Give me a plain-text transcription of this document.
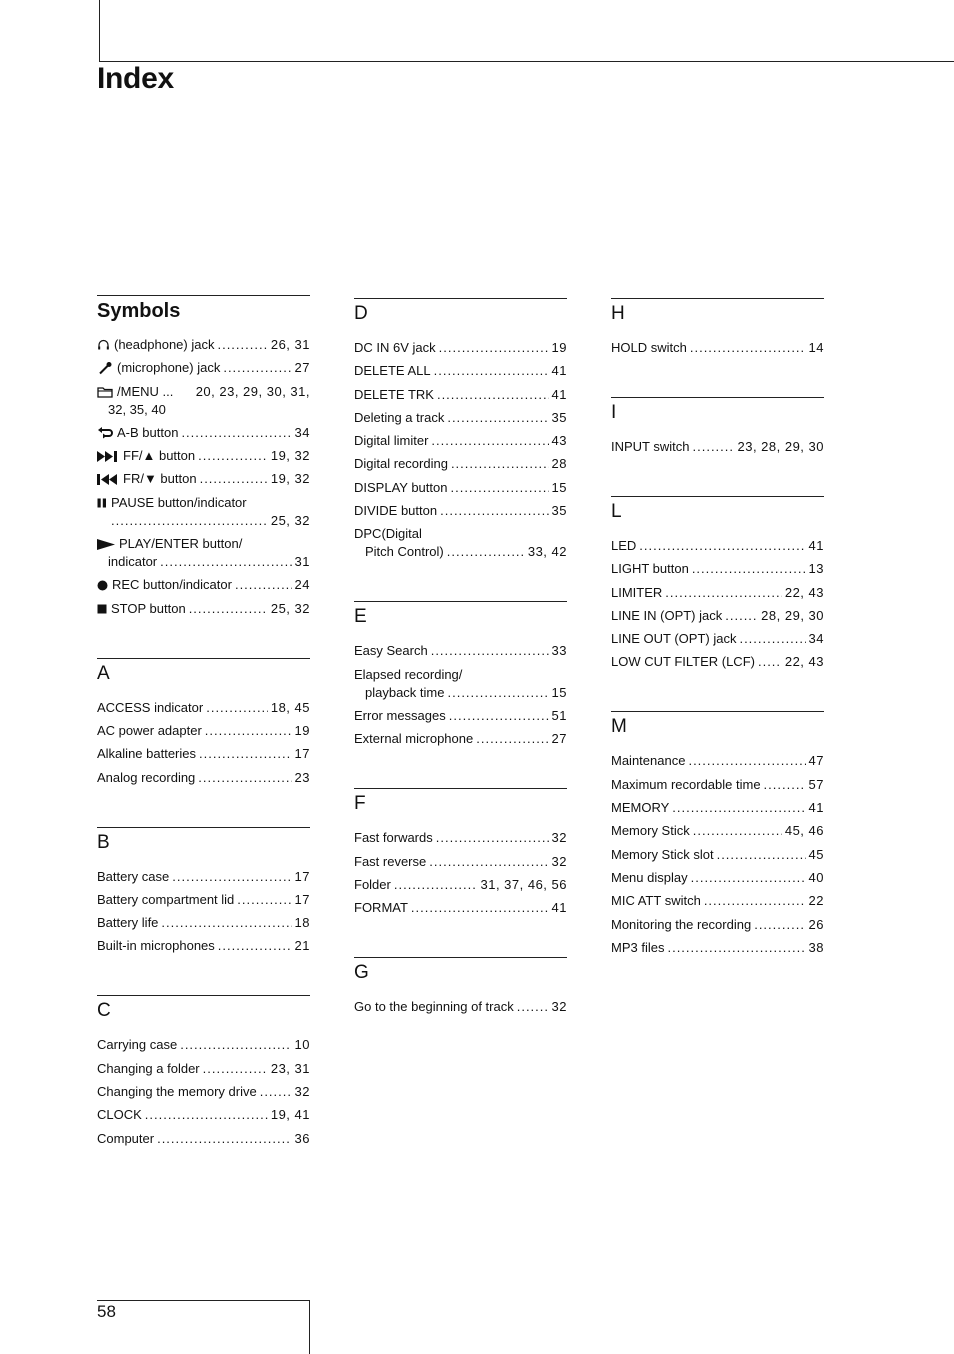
Index
Symbols
(headphone) jack .....	26, 31
(microphone) jack .....	27
/MENU ... 20, 23, 29, 30, 31,
32, 35, 40
A-B button .....	34
FF/▲ button .....	19, 32
FR/▼ button .....	19, 32
PAUSE button/indicator
.....
25, 32
PLAY/ENTER button/
indicator .....	31
REC button/indicator .....	24
STOP button .....	25, 32
A
ACCESS indicator .....	18, 45
AC power adapter .....	19
Alkaline batteries .....	17
Analog recording .....	23
B
Battery case .....	17
Battery compartment lid .....	17
Battery life .....	18
Built-in microphones .....	21
C
Carrying case .....	10
Changing a folder .....	23, 31
Changing the memory drive .....	32
CLOCK .....	19, 41
Computer .....	36
D
DC IN 6V jack .....	19
DELETE ALL .....	41
DELETE TRK .....	41
Deleting a track .....	35
Digital limiter .....	43
Digital recording .....	28
DISPLAY button .....	15
DIVIDE button .....	35
DPC(Digital
Pitch Control) .....	33, 42
E
Easy Search .....	33
Elapsed recording/
playback time .....	15
Error messages .....	51
External microphone .....	27
F
Fast forwards .....	32
Fast reverse .....	32
Folder .....	31, 37, 46, 56
FORMAT .....	41
G
Go to the beginning of track .....	32
H
HOLD switch .....	14
I
INPUT switch .....	23, 28, 29, 30
L
LED .....	41
LIGHT button .....	13
LIMITER .....	22, 43
LINE IN (OPT) jack .....	28, 29, 30
LINE OUT (OPT) jack .....	34
LOW CUT FILTER (LCF) ..... 22, 43
M
Maintenance .....	47
Maximum recordable time .....	57
MEMORY .....	41
Memory Stick .....	45, 46
Memory Stick slot .....	45
Menu display .....	40
MIC ATT switch .....	22
Monitoring the recording .....	26
MP3 files .....	38
58
